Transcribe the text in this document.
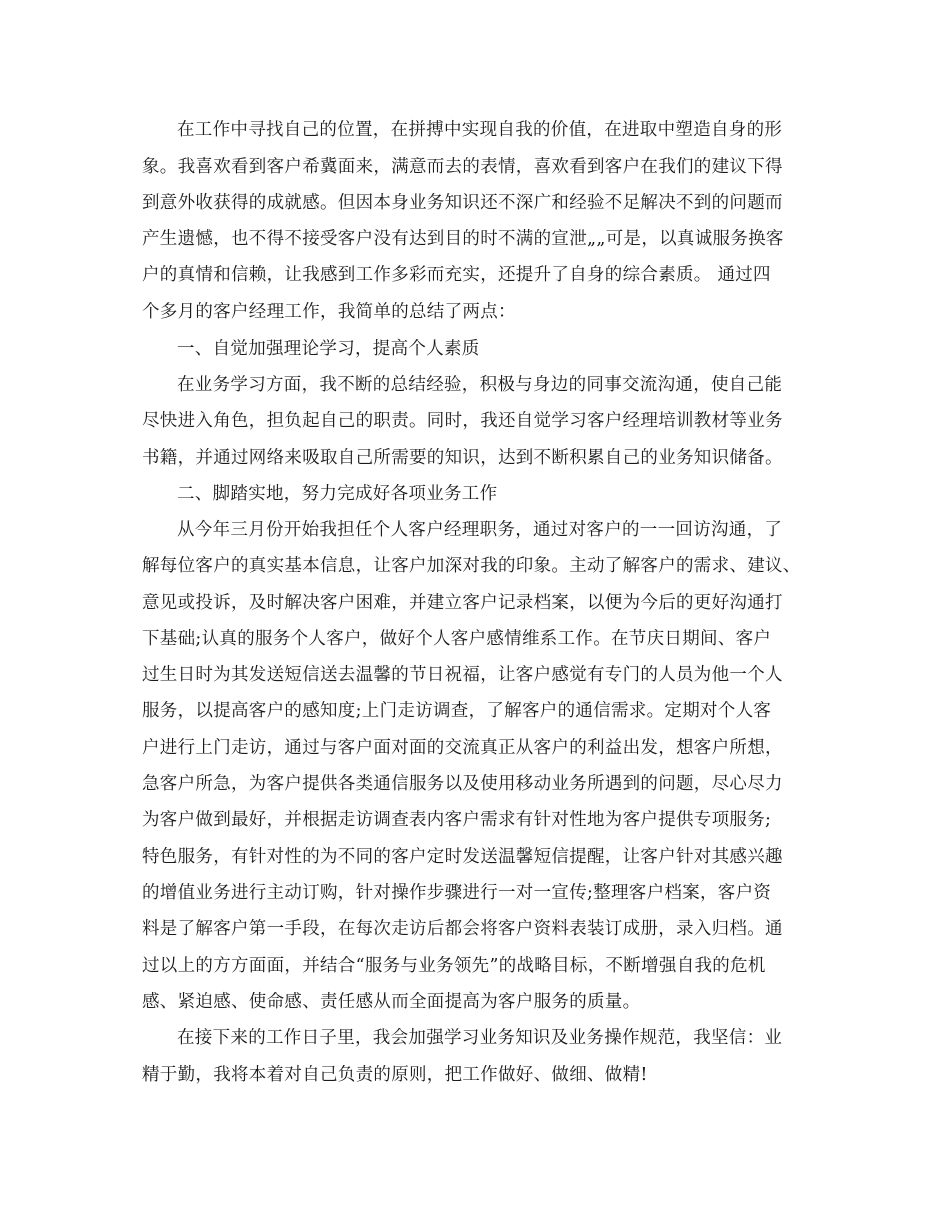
在工作中寻找自己的位置，在拼搏中实现自我的价值，在进取中塑造自身的形
象。我喜欢看到客户希冀面来，满意而去的表情，喜欢看到客户在我们的建议下得
到意外收获得的成就感。但因本身业务知识还不深广和经验不足解决不到的问题而
产生遗憾，也不得不接受客户没有达到目的时不满的宣泄„„可是，以真诚服务换客
户的真情和信赖，让我感到工作多彩而充实，还提升了自身的综合素质。 通过四
个多月的客户经理工作，我简单的总结了两点：
一、自觉加强理论学习，提高个人素质
在业务学习方面，我不断的总结经验，积极与身边的同事交流沟通，使自己能
尽快进入角色，担负起自己的职责。同时，我还自觉学习客户经理培训教材等业务
书籍，并通过网络来吸取自己所需要的知识，达到不断积累自己的业务知识储备。
二、脚踏实地，努力完成好各项业务工作
从今年三月份开始我担任个人客户经理职务，通过对客户的一一回访沟通，了
解每位客户的真实基本信息，让客户加深对我的印象。主动了解客户的需求、建议、
意见或投诉，及时解决客户困难，并建立客户记录档案，以便为今后的更好沟通打
下基础;认真的服务个人客户，做好个人客户感情维系工作。在节庆日期间、客户
过生日时为其发送短信送去温馨的节日祝福，让客户感觉有专门的人员为他一个人
服务，以提高客户的感知度;上门走访调查，了解客户的通信需求。定期对个人客
户进行上门走访，通过与客户面对面的交流真正从客户的利益出发，想客户所想，
急客户所急，为客户提供各类通信服务以及使用移动业务所遇到的问题，尽心尽力
为客户做到最好，并根据走访调查表内客户需求有针对性地为客户提供专项服务;
特色服务，有针对性的为不同的客户定时发送温馨短信提醒，让客户针对其感兴趣
的增值业务进行主动订购，针对操作步骤进行一对一宣传;整理客户档案，客户资
料是了解客户第一手段，在每次走访后都会将客户资料表装订成册，录入归档。通
过以上的方方面面，并结合“服务与业务领先”的战略目标，不断增强自我的危机
感、紧迫感、使命感、责任感从而全面提高为客户服务的质量。
在接下来的工作日子里，我会加强学习业务知识及业务操作规范，我坚信：业
精于勤，我将本着对自己负责的原则，把工作做好、做细、做精!
